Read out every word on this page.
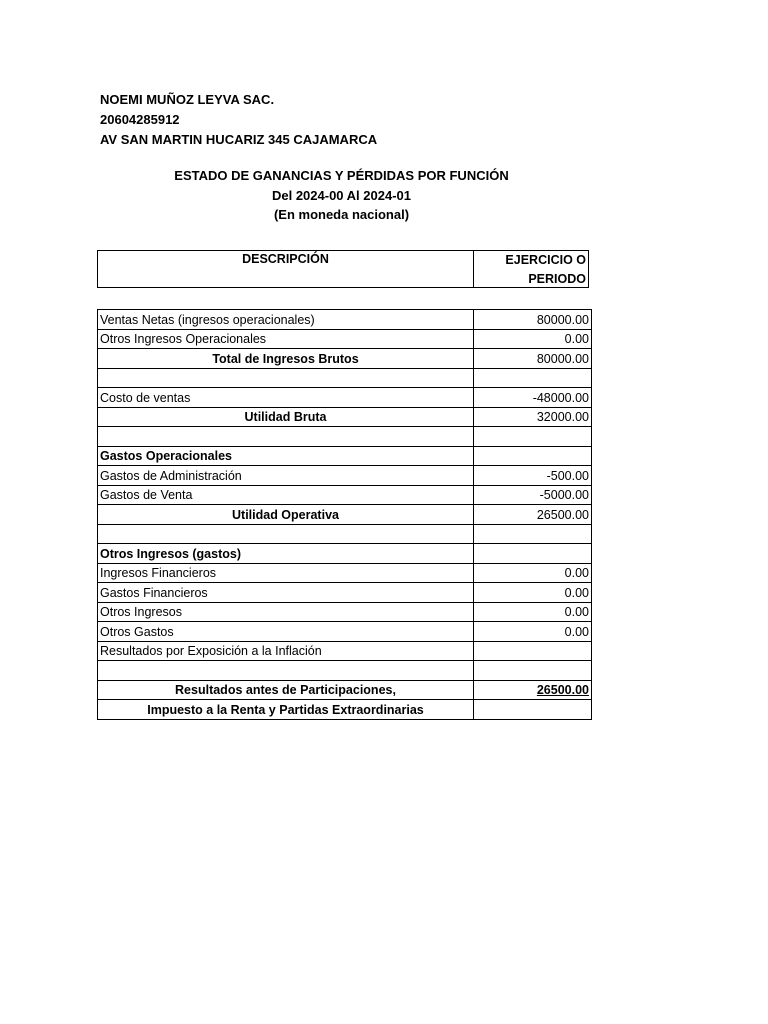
NOEMI MUÑOZ LEYVA SAC.
20604285912
AV SAN MARTIN HUCARIZ 345 CAJAMARCA
ESTADO DE GANANCIAS Y PÉRDIDAS POR FUNCIÓN
Del 2024-00 Al 2024-01
(En moneda nacional)
DESCRIPCIÓN	EJERCICIO O
PERIODO
Ventas Netas (ingresos operacionales)	80000.00
Otros Ingresos Operacionales	0.00
Total de Ingresos Brutos	80000.00

Costo de ventas	-48000.00
Utilidad Bruta	32000.00

Gastos Operacionales	
Gastos de Administración	-500.00
Gastos de Venta	-5000.00
Utilidad Operativa	26500.00

Otros Ingresos (gastos)	
Ingresos Financieros	0.00
Gastos Financieros	0.00
Otros Ingresos	0.00
Otros Gastos	0.00
Resultados por Exposición a la Inflación	

Resultados antes de Participaciones,	26500.00
Impuesto a la Renta y Partidas Extraordinarias	
